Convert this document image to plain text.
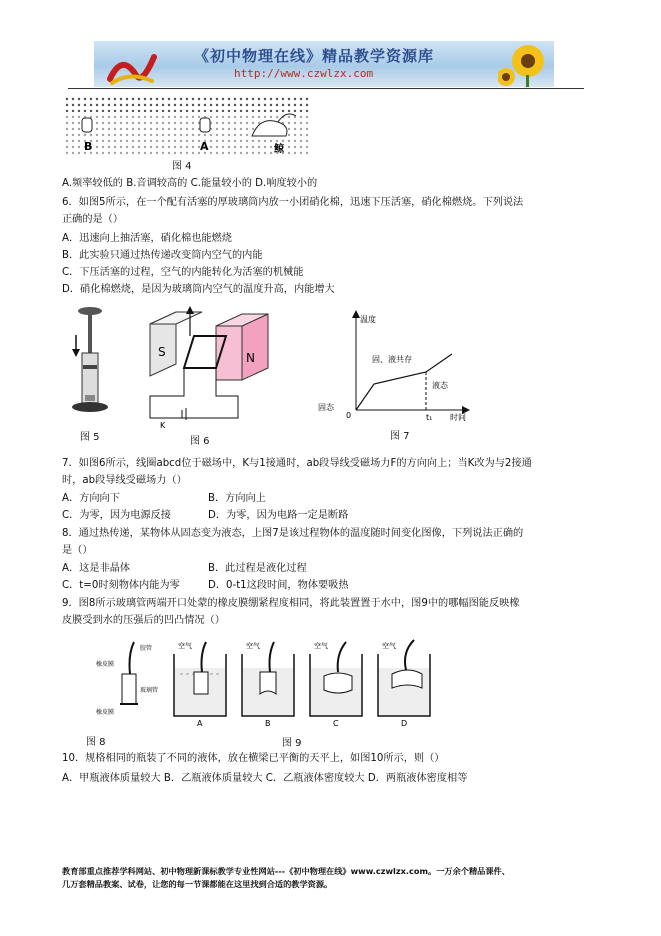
《初中物理在线》精品教学资源库
http://www.czwlzx.com
B	A	鲸
图 4
A.频率较低的 B.音调较高的 C.能量较小的 D.响度较小的
6．如图5所示，在一个配有活塞的厚玻璃筒内放一小团硝化棉，迅速下压活塞，硝化棉燃烧。下列说法
正确的是（）
A．迅速向上抽活塞，硝化棉也能燃烧
B．此实验只通过热传递改变筒内空气的内能
C．下压活塞的过程，空气的内能转化为活塞的机械能
D．硝化棉燃烧，是因为玻璃筒内空气的温度升高，内能增大
图 5
S	N
K
图 6
温度
时间
0	t₁
固态
固、液共存
液态
图 7
7．如图6所示，线圈abcd位于磁场中，K与1接通时，ab段导线受磁场力F的方向向上；当K改为与2接通
时，ab段导线受磁场力（）
A．方向向下	B．方向向上
C．为零，因为电源反接	D．为零，因为电路一定是断路
8．通过热传递，某物体从固态变为液态，上图7是该过程物体的温度随时间变化图像，下列说法正确的
是（）
A．这是非晶体	B．此过程是液化过程
C．t=0时刻物体内能为零	D．0-t1这段时间，物体要吸热
9．图8所示玻璃管两端开口处蒙的橡皮膜绷紧程度相同，将此装置置于水中，图9中的哪幅图能反映橡
皮膜受到水的压强后的凹凸情况（）
胶管
橡皮膜
玻璃管
橡皮膜
图 8
空气
A
空气
B
空气
C
空气
D
图 9
10．规格相同的瓶装了不同的液体，放在横梁已平衡的天平上，如图10所示，则（）
A．甲瓶液体质量较大 B．乙瓶液体质量较大 C．乙瓶液体密度较大 D．两瓶液体密度相等
教育部重点推荐学科网站、初中物理新课标教学专业性网站---《初中物理在线》www.czwlzx.com。一万余个精品课件、
几万套精品教案、试卷，让您的每一节课都能在这里找到合适的教学资源。
